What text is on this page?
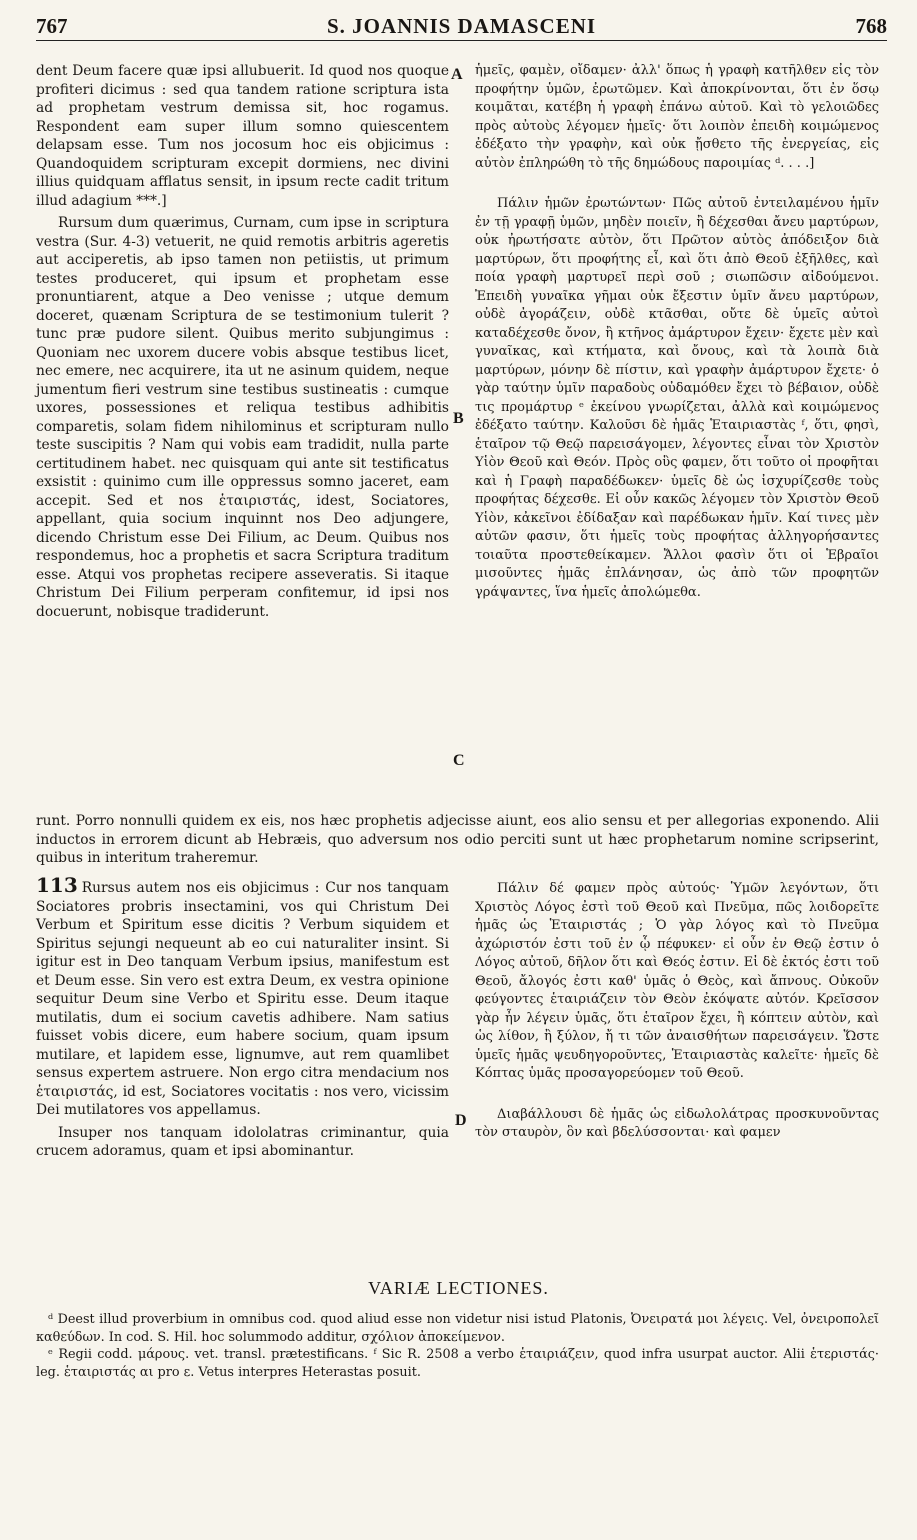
767	S. JOANNIS DAMASCENI	768

dent Deum facere quæ ipsi allubuerit. Id quod nos quoque profiteri dicimus : sed qua tandem ratione scriptura ista ad prophetam vestrum demissa sit, hoc rogamus. Respondent eam super illum somno quiescentem delapsam esse. Tum nos jocosum hoc eis objicimus : Quandoquidem scripturam excepit dormiens, nec divini illius quidquam afflatus sensit, in ipsum recte cadit tritum illud adagium ***.]

Rursum dum quærimus, Curnam, cum ipse in scriptura vestra (Sur. 4-3) vetuerit, ne quid remotis arbitris ageretis aut acciperetis, ab ipso tamen non petiistis, ut primum testes produceret, qui ipsum et prophetam esse pronuntiarent, atque a Deo venisse ; utque demum doceret, quænam Scriptura de se testimonium tulerit ? tunc præ pudore silent. Quibus merito subjungimus : Quoniam nec uxorem ducere vobis absque testibus licet, nec emere, nec acquirere, ita ut ne asinum quidem, neque jumentum fieri vestrum sine testibus sustineatis : cumque uxores, possessiones et reliqua testibus adhibitis comparetis, solam fidem nihilominus et scripturam nullo teste suscipitis ? Nam qui vobis eam tradidit, nulla parte certitudinem habet. nec quisquam qui ante sit testificatus exsistit : quinimo cum ille oppressus somno jaceret, eam accepit. Sed et nos ἑταιριστάς, idest, Sociatores, appellant, quia socium inquinnt nos Deo adjungere, dicendo Christum esse Dei Filium, ac Deum. Quibus nos respondemus, hoc a prophetis et sacra Scriptura traditum esse. Atqui vos prophetas recipere asseveratis. Si itaque Christum Dei Filium perperam confitemur, id ipsi nos docuerunt, nobisque tradiderunt.

ἡμεῖς, φαμὲν, οἴδαμεν· ἀλλ' ὅπως ἡ γραφὴ κατῆλθεν εἰς τὸν προφήτην ὑμῶν, ἐρωτῶμεν. Καὶ ἀποκρίνονται, ὅτι ἐν ὅσῳ κοιμᾶται, κατέβη ἡ γραφὴ ἐπάνω αὐτοῦ. Καὶ τὸ γελοιῶδες πρὸς αὐτοὺς λέγομεν ἡμεῖς· ὅτι λοιπὸν ἐπειδὴ κοιμώμενος ἐδέξατο τὴν γραφὴν, καὶ οὐκ ᾔσθετο τῆς ἐνεργείας, εἰς αὐτὸν ἐπληρώθη τὸ τῆς δημώδους παροιμίας ᵈ. . . .]

Πάλιν ἡμῶν ἐρωτώντων· Πῶς αὐτοῦ ἐντειλαμένου ἡμῖν ἐν τῇ γραφῇ ὑμῶν, μηδὲν ποιεῖν, ἢ δέχεσθαι ἄνευ μαρτύρων, οὐκ ἠρωτήσατε αὐτὸν, ὅτι Πρῶτον αὐτὸς ἀπόδειξον διὰ μαρτύρων, ὅτι προφήτης εἶ, καὶ ὅτι ἀπὸ Θεοῦ ἐξῆλθες, καὶ ποία γραφὴ μαρτυρεῖ περὶ σοῦ ; σιωπῶσιν αἰδούμενοι. Ἐπειδὴ γυναῖκα γῆμαι οὐκ ἔξεστιν ὑμῖν ἄνευ μαρτύρων, οὐδὲ ἀγοράζειν, οὐδὲ κτᾶσθαι, οὔτε δὲ ὑμεῖς αὐτοὶ καταδέχεσθε ὄνον, ἢ κτῆνος ἀμάρτυρον ἔχειν· ἔχετε μὲν καὶ γυναῖκας, καὶ κτήματα, καὶ ὄνους, καὶ τὰ λοιπὰ διὰ μαρτύρων, μόνην δὲ πίστιν, καὶ γραφὴν ἀμάρτυρον ἔχετε· ὁ γὰρ ταύτην ὑμῖν παραδοὺς οὐδαμόθεν ἔχει τὸ βέβαιον, οὐδὲ τις προμάρτυρ ᵉ ἐκείνου γνωρίζεται, ἀλλὰ καὶ κοιμώμενος ἐδέξατο ταύτην. Καλοῦσι δὲ ἡμᾶς Ἑταιριαστὰς ᶠ, ὅτι, φησὶ, ἑταῖρον τῷ Θεῷ παρεισάγομεν, λέγοντες εἶναι τὸν Χριστὸν Υἱὸν Θεοῦ καὶ Θεόν. Πρὸς οὓς φαμεν, ὅτι τοῦτο οἱ προφῆται καὶ ἡ Γραφὴ παραδέδωκεν· ὑμεῖς δὲ ὡς ἰσχυρίζεσθε τοὺς προφήτας δέχεσθε. Εἰ οὖν κακῶς λέγομεν τὸν Χριστὸν Θεοῦ Υἱὸν, κἀκεῖνοι ἐδίδαξαν καὶ παρέδωκαν ἡμῖν. Καί τινες μὲν αὐτῶν φασιν, ὅτι ἡμεῖς τοὺς προφήτας ἀλληγορήσαντες τοιαῦτα προστεθείκαμεν. Ἄλλοι φασὶν ὅτι οἱ Ἑβραῖοι μισοῦντες ἡμᾶς ἐπλάνησαν, ὡς ἀπὸ τῶν προφητῶν γράψαντες, ἵνα ἡμεῖς ἀπολώμεθα.

A
B
C
D

runt. Porro nonnulli quidem ex eis, nos hæc prophetis adjecisse aiunt, eos alio sensu et per allegorias exponendo. Alii inductos in errorem dicunt ab Hebræis, quo adversum nos odio perciti sunt ut hæc prophetarum nomine scripserint, quibus in interitum traheremur.

113 Rursus autem nos eis objicimus : Cur nos tanquam Sociatores probris insectamini, vos qui Christum Dei Verbum et Spiritum esse dicitis ? Verbum siquidem et Spiritus sejungi nequeunt ab eo cui naturaliter insint. Si igitur est in Deo tanquam Verbum ipsius, manifestum est et Deum esse. Sin vero est extra Deum, ex vestra opinione sequitur Deum sine Verbo et Spiritu esse. Deum itaque mutilatis, dum ei socium cavetis adhibere. Nam satius fuisset vobis dicere, eum habere socium, quam ipsum mutilare, et lapidem esse, lignumve, aut rem quamlibet sensus expertem astruere. Non ergo citra mendacium nos ἑταιριστάς, id est, Sociatores vocitatis : nos vero, vicissim Dei mutilatores vos appellamus.

Insuper nos tanquam idololatras criminantur, quia crucem adoramus, quam et ipsi abominantur.

Πάλιν δέ φαμεν πρὸς αὐτούς· Ὑμῶν λεγόντων, ὅτι Χριστὸς Λόγος ἐστὶ τοῦ Θεοῦ καὶ Πνεῦμα, πῶς λοιδορεῖτε ἡμᾶς ὡς Ἑταιριστάς ; Ὁ γὰρ λόγος καὶ τὸ Πνεῦμα ἀχώριστόν ἐστι τοῦ ἐν ᾧ πέφυκεν· εἰ οὖν ἐν Θεῷ ἐστιν ὁ Λόγος αὐτοῦ, δῆλον ὅτι καὶ Θεός ἐστιν. Εἰ δὲ ἐκτός ἐστι τοῦ Θεοῦ, ἄλογός ἐστι καθ' ὑμᾶς ὁ Θεὸς, καὶ ἄπνους. Οὐκοῦν φεύγοντες ἑταιριάζειν τὸν Θεὸν ἐκόψατε αὐτόν. Κρεῖσσον γὰρ ἦν λέγειν ὑμᾶς, ὅτι ἑταῖρον ἔχει, ἢ κόπτειν αὐτὸν, καὶ ὡς λίθον, ἢ ξύλον, ἤ τι τῶν ἀναισθήτων παρεισάγειν. Ὥστε ὑμεῖς ἡμᾶς ψευδηγοροῦντες, Ἑταιριαστὰς καλεῖτε· ἡμεῖς δὲ Κόπτας ὑμᾶς προσαγορεύομεν τοῦ Θεοῦ.

Διαβάλλουσι δὲ ἡμᾶς ὡς εἰδωλολάτρας προσκυνοῦντας τὸν σταυρὸν, ὃν καὶ βδελύσσονται· καὶ φαμεν

VARIÆ LECTIONES.

ᵈ Deest illud proverbium in omnibus cod. quod aliud esse non videtur nisi istud Platonis, Ὀνειρατά μοι λέγεις. Vel, ὀνειροπολεῖ καθεύδων. In cod. S. Hil. hoc solummodo additur, σχόλιον ἀποκείμενον.

ᵉ Regii codd. μάρους. vet. transl. prætestificans. ᶠ Sic R. 2508 a verbo ἑταιριάζειν, quod infra usurpat auctor. Alii ἑτεριστάς· leg. ἑταιριστάς αι pro ε. Vetus interpres Heterastas posuit.
